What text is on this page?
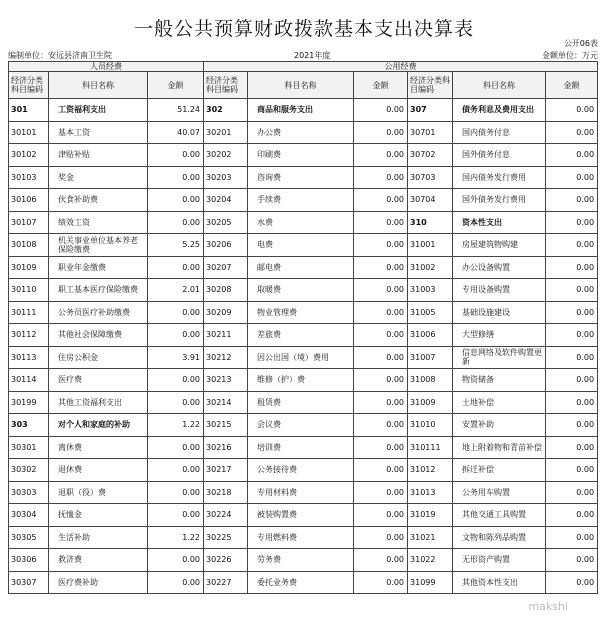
一般公共预算财政拨款基本支出决算表
公开06表
编制单位：安远县济南卫生院	2021年度	金额单位：万元
人员经费			公用经费					
经济分类科目编码	科目名称	金额	经济分类科目编码	科目名称	金额	经济分类科目编码	科目名称	金额
301	工资福利支出	51.24	302	商品和服务支出	0.00	307	债务利息及费用支出	0.00
30101	基本工资	40.07	30201	办公费	0.00	30701	国内债务付息	0.00
30102	津贴补贴	0.00	30202	印刷费	0.00	30702	国外债务付息	0.00
30103	奖金	0.00	30203	咨询费	0.00	30703	国内债务发行费用	0.00
30106	伙食补助费	0.00	30204	手续费	0.00	30704	国外债务发行费用	0.00
30107	绩效工资	0.00	30205	水费	0.00	310	资本性支出	0.00
30108	机关事业单位基本养老保险缴费	5.25	30206	电费	0.00	31001	房屋建筑物购建	0.00
30109	职业年金缴费	0.00	30207	邮电费	0.00	31002	办公设备购置	0.00
30110	职工基本医疗保险缴费	2.01	30208	取暖费	0.00	31003	专用设备购置	0.00
30111	公务员医疗补助缴费	0.00	30209	物业管理费	0.00	31005	基础设施建设	0.00
30112	其他社会保障缴费	0.00	30211	差旅费	0.00	31006	大型修缮	0.00
30113	住房公积金	3.91	30212	因公出国（境）费用	0.00	31007	信息网络及软件购置更新	0.00
30114	医疗费	0.00	30213	维修（护）费	0.00	31008	物资储备	0.00
30199	其他工资福利支出	0.00	30214	租赁费	0.00	31009	土地补偿	0.00
303	对个人和家庭的补助	1.22	30215	会议费	0.00	31010	安置补助	0.00
30301	离休费	0.00	30216	培训费	0.00	310111	地上附着物和青苗补偿	0.00
30302	退休费	0.00	30217	公务接待费	0.00	31012	拆迁补偿	0.00
30303	退职（役）费	0.00	30218	专用材料费	0.00	31013	公务用车购置	0.00
30304	抚恤金	0.00	30224	被装购置费	0.00	31019	其他交通工具购置	0.00
30305	生活补助	1.22	30225	专用燃料费	0.00	31021	文物和陈列品购置	0.00
30306	救济费	0.00	30226	劳务费	0.00	31022	无形资产购置	0.00
30307	医疗费补助	0.00	30227	委托业务费	0.00	31099	其他资本性支出	0.00
makshi
